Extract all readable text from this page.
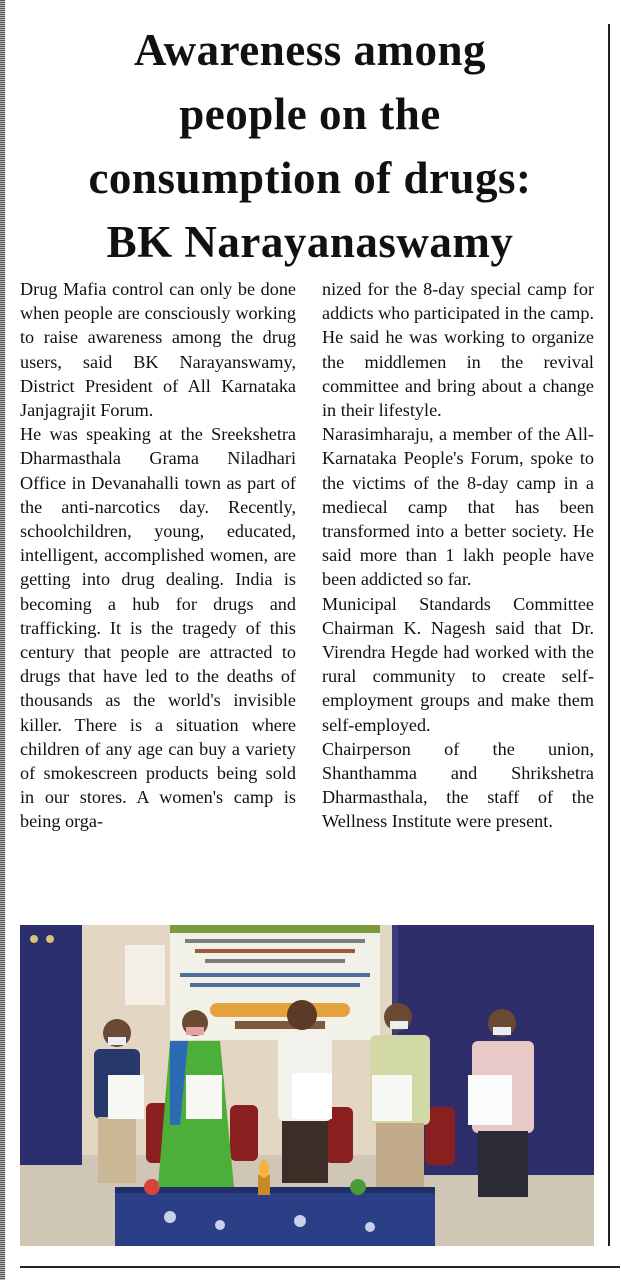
Awareness among
people on the
consumption of drugs:
BK Narayanaswamy

Drug Mafia control can only be done when people are consciously working to raise awareness among the drug users, said BK Narayanswamy, District President of All Karnataka Janjagrajit Forum.

He was speaking at the Sreekshetra Dharmasthala Grama Niladhari Office in Devanahalli town as part of the anti-narcotics day. Recently, schoolchildren, young, educated, intelligent, accomplished women, are getting into drug dealing. India is becoming a hub for drugs and trafficking. It is the tragedy of this century that people are attracted to drugs that have led to the deaths of thousands as the world's invisible killer. There is a situation where children of any age can buy a variety of smokescreen products being sold in our stores. A women's camp is being orga-

nized for the 8-day special camp for addicts who participated in the camp. He said he was working to organize the middlemen in the revival committee and bring about a change in their lifestyle.

Narasimharaju, a member of the All-Karnataka People's Forum, spoke to the victims of the 8-day camp in a mediecal camp that has been transformed into a better society. He said more than 1 lakh people have been addicted so far.

Municipal Standards Committee Chairman K. Nagesh said that Dr. Virendra Hegde had worked with the rural community to create self-employment groups and make them self-employed.

Chairperson of the union, Shanthamma and Shrikshetra Dharmasthala, the staff of the Wellness Institute were present.
